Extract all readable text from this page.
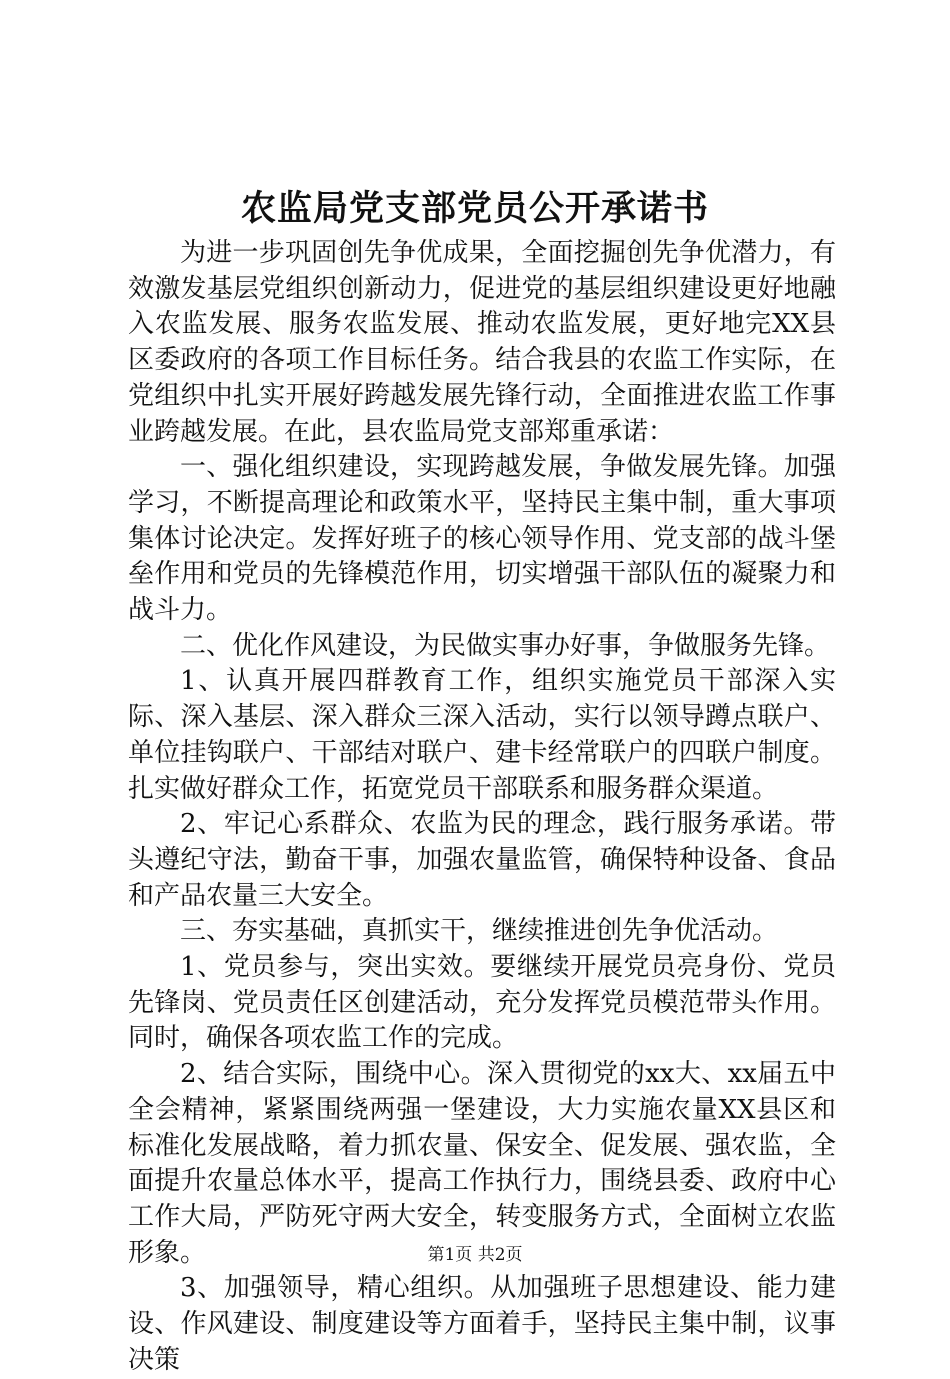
农监局党支部党员公开承诺书

为进一步巩固创先争优成果，全面挖掘创先争优潜力，有效激发基层党组织创新动力，促进党的基层组织建设更好地融入农监发展、服务农监发展、推动农监发展，更好地完XX县区委政府的各项工作目标任务。结合我县的农监工作实际，在党组织中扎实开展好跨越发展先锋行动，全面推进农监工作事业跨越发展。在此，县农监局党支部郑重承诺：

一、强化组织建设，实现跨越发展，争做发展先锋。加强学习，不断提高理论和政策水平，坚持民主集中制，重大事项集体讨论决定。发挥好班子的核心领导作用、党支部的战斗堡垒作用和党员的先锋模范作用，切实增强干部队伍的凝聚力和战斗力。

二、优化作风建设，为民做实事办好事，争做服务先锋。

1、认真开展四群教育工作，组织实施党员干部深入实际、深入基层、深入群众三深入活动，实行以领导蹲点联户、单位挂钩联户、干部结对联户、建卡经常联户的四联户制度。扎实做好群众工作，拓宽党员干部联系和服务群众渠道。

2、牢记心系群众、农监为民的理念，践行服务承诺。带头遵纪守法，勤奋干事，加强农量监管，确保特种设备、食品和产品农量三大安全。

三、夯实基础，真抓实干，继续推进创先争优活动。

1、党员参与，突出实效。要继续开展党员亮身份、党员先锋岗、党员责任区创建活动，充分发挥党员模范带头作用。同时，确保各项农监工作的完成。

2、结合实际，围绕中心。深入贯彻党的xx大、xx届五中全会精神，紧紧围绕两强一堡建设，大力实施农量XX县区和标准化发展战略，着力抓农量、保安全、促发展、强农监，全面提升农量总体水平，提高工作执行力，围绕县委、政府中心工作大局，严防死守两大安全，转变服务方式，全面树立农监形象。

3、加强领导，精心组织。从加强班子思想建设、能力建设、作风建设、制度建设等方面着手，坚持民主集中制，议事决策

第1页 共2页
